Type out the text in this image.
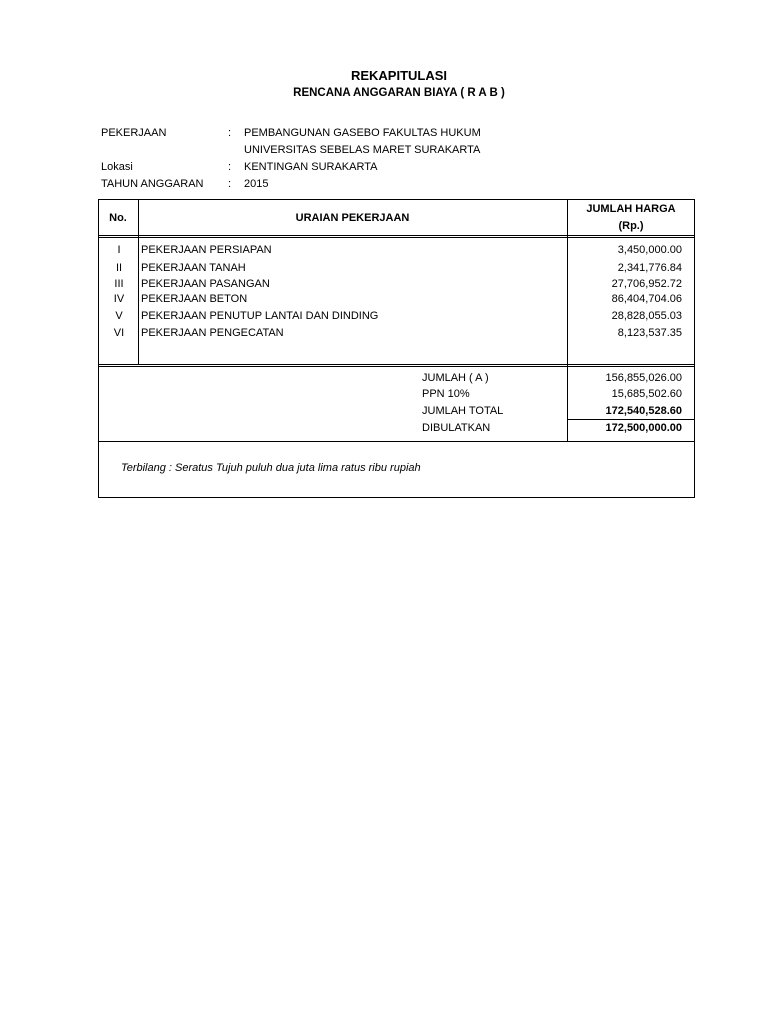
REKAPITULASI
RENCANA ANGGARAN BIAYA ( R A B )
PEKERJAAN	: PEMBANGUNAN GASEBO FAKULTAS HUKUM
UNIVERSITAS SEBELAS MARET SURAKARTA
Lokasi	: KENTINGAN SURAKARTA
TAHUN ANGGARAN : 2015
No.	URAIAN PEKERJAAN
JUMLAH HARGA
(Rp.)
I	PEKERJAAN PERSIAPAN	3,450,000.00
II	PEKERJAAN TANAH	2,341,776.84
III	PEKERJAAN PASANGAN	27,706,952.72
IV	PEKERJAAN BETON	86,404,704.06
V	PEKERJAAN PENUTUP LANTAI DAN DINDING	28,828,055.03
VI	PEKERJAAN PENGECATAN	8,123,537.35
JUMLAH ( A )	156,855,026.00
PPN 10%	15,685,502.60
JUMLAH TOTAL	172,540,528.60
DIBULATKAN	172,500,000.00
Terbilang : Seratus Tujuh puluh dua juta lima ratus ribu rupiah
